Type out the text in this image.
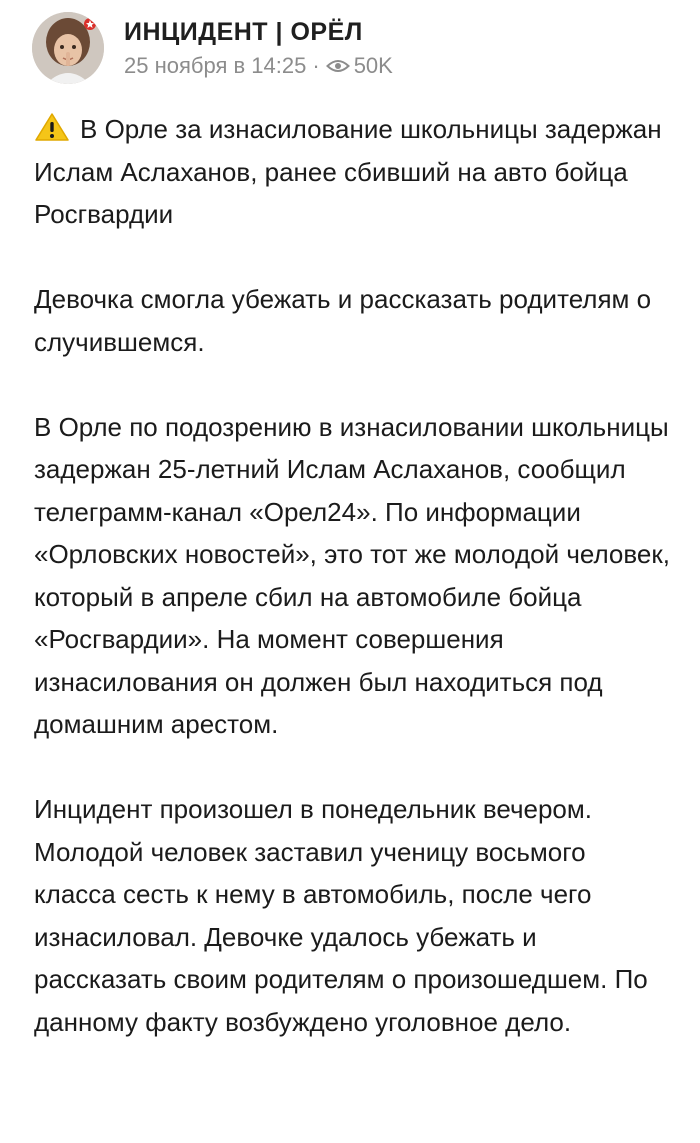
ИНЦИДЕНТ | ОРЁЛ
25 ноября в 14:25 · 50K

В Орле за изнасилование школьницы задержан Ислам Аслаханов, ранее сбивший на авто бойца Росгвардии

Девочка смогла убежать и рассказать родителям о случившемся.

В Орле по подозрению в изнасиловании школьницы задержан 25-летний Ислам Аслаханов, сообщил телеграмм-канал «Орел24». По информации «Орловских новостей», это тот же молодой человек, который в апреле сбил на автомобиле бойца «Росгвардии». На момент совершения изнасилования он должен был находиться под домашним арестом.

Инцидент произошел в понедельник вечером. Молодой человек заставил ученицу восьмого класса сесть к нему в автомобиль, после чего изнасиловал. Девочке удалось убежать и рассказать своим родителям о произошедшем. По данному факту возбуждено уголовное дело.
